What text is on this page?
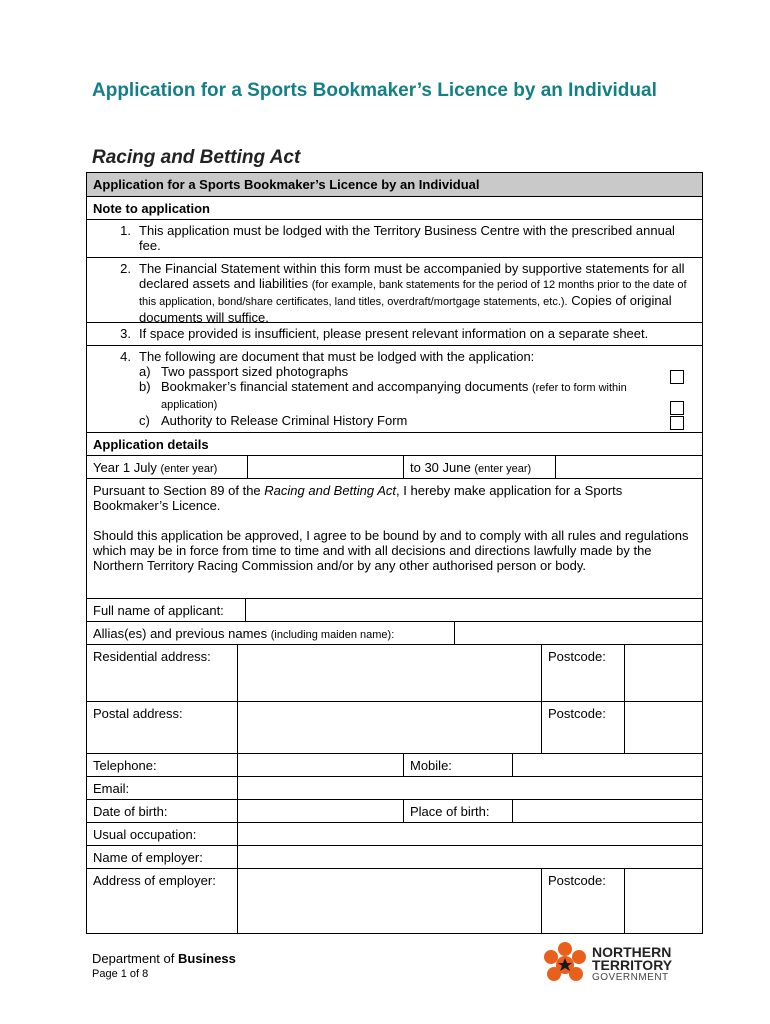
Application for a Sports Bookmaker’s Licence by an Individual
Racing and Betting Act
Application for a Sports Bookmaker’s Licence by an Individual
Note to application
1. This application must be lodged with the Territory Business Centre with the prescribed annual fee.
2. The Financial Statement within this form must be accompanied by supportive statements for all declared assets and liabilities (for example, bank statements for the period of 12 months prior to the date of this application, bond/share certificates, land titles, overdraft/mortgage statements, etc.). Copies of original documents will suffice.
3. If space provided is insufficient, please present relevant information on a separate sheet.
4. The following are document that must be lodged with the application:
a) Two passport sized photographs
b) Bookmaker’s financial statement and accompanying documents (refer to form within application)
c) Authority to Release Criminal History Form
Application details
Year 1 July (enter year)	to 30 June (enter year)
Pursuant to Section 89 of the Racing and Betting Act, I hereby make application for a Sports Bookmaker’s Licence.
Should this application be approved, I agree to be bound by and to comply with all rules and regulations which may be in force from time to time and with all decisions and directions lawfully made by the Northern Territory Racing Commission and/or by any other authorised person or body.
Full name of applicant:
Allias(es) and previous names (including maiden name):
Residential address:	Postcode:
Postal address:	Postcode:
Telephone:	Mobile:
Email:
Date of birth:	Place of birth:
Usual occupation:
Name of employer:
Address of employer:	Postcode:
Department of Business
Page 1 of 8
NORTHERN
TERRITORY
GOVERNMENT
